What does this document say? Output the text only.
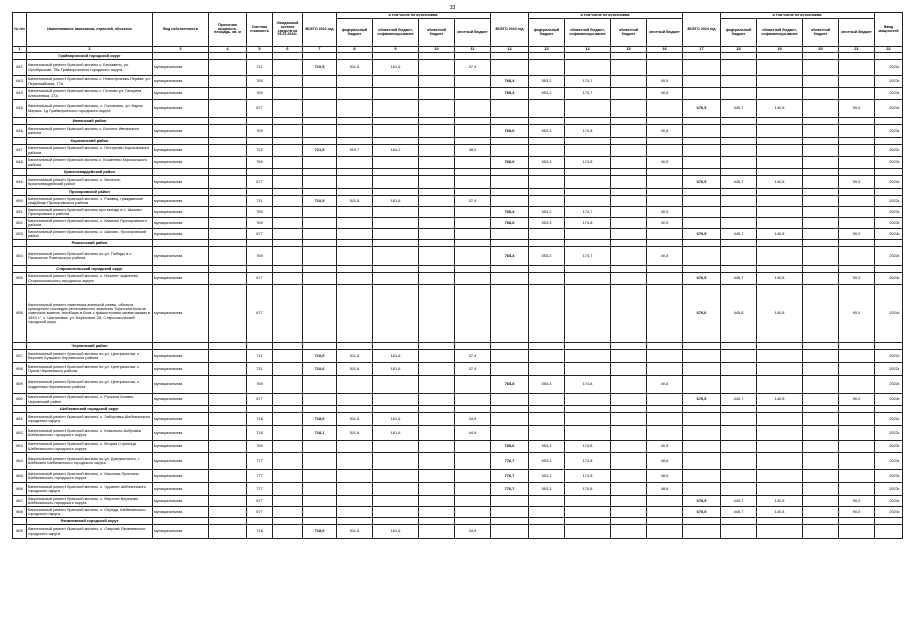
33
№ п/п	Наименование заказчиков, отраслей, объектов	Вид собственности	Проектная мощность, площадь, кв. м	Сметная стоимость	Ожидаемый остаток средств на 01.01.2022г.	ВСЕГО 2022 год	в том числе по источникам:				ВСЕГО 2023 год	в том числе по источникам:				ВСЕГО 2024 год	в том числе по источникам:				Ввод мощностей
							федеральный бюджет	областной бюджет, софинансиро-вание	областной бюджет	местный бюджет		федеральный бюджет	областной бюджет, софинансиро-вание	областной бюджет	местный бюджет		федеральный бюджет	областной бюджет, софинансиро-вание	областной бюджет	местный бюджет	
1	2	3	4	5	6	7	8	9	10	11	12	13	14	15	16	17	18	19	20	21	22
	Грайворонский городской округ																				
642	Капитальный ремонт братской могилы с. Безымено, ул. Октябрьская, 78е Грайворонского городского округа	муниципальная		711		710,5	511,5	161,6		37,4											2022г.
643	Капитальный ремонт братской могилы с. Новостроевка-Первая, ул. Первомайская, 77а	муниципальная		769							768,4	553,2	174,7		40,5						2023г.
644	Капитальный ремонт братской могилы с. Глотово ул. Гагарина Алексеевка, 27а	муниципальная		769							768,4	553,2	174,7		40,5						2023г.
645	Капитальный ремонт братской могилы, с. Головчино, ул. Карла Маркса, 1д Грайворонского городского округа	муниципальная		677												676,5	445,7	140,8		90,0	2024г.
	Ивнянский район																				
646	Капитальный ремонт братской могилы с. Богатое Ивнянского района	муниципальная		769							768,6	553,3	174,8		40,5						2023г.
	Корочанский район																				
647	Капитальный ремонт братской могилы, с. Пестуново Корочанского района	муниципальная		722		721,9	519,7	164,2		38,0											2022г.
648	Капитальный ремонт братской могилы с. Кошелево Корочанского района	муниципальная		769							768,6	553,3	174,8		40,5						2023г.
	Красногвардейский район																				
649	Капитальный ремонт братской могилы, с. Веселое, Красногвардейский район	муниципальная		677												676,5	445,7	140,8		90,0	2024г.
	Прохоровский район																				
650	Капитальный ремонт братской могилы, с. Ржавец, гражданское кладбище Прохоровского района	муниципальная		711		710,5	511,5	161,6		37,4											2022г.
651	Капитальный ремонт братской могилы при въезде в с. Шахово Прохоровского района	муниципальная		769							768,4	553,2	174,7		40,5						2023г.
652	Капитальный ремонт братской могилы, с. Казачье Прохоровского района	муниципальная		769							768,6	553,3	174,8		40,5						2023г.
653	Капитальный ремонт братской могилы, с. Шахово, Прохоровский район	муниципальная		677												676,5	445,7	140,8		90,0	2024г.
	Ровеньский район																				
654	Капитальный ремонт братской могилы по ул. Победы в с. Пасальное Ровеньского района	муниципальная		769							768,4	553,2	174,7		40,5						2023г.
	Старооскольский городской округ																				
655	Капитальный ремонт братской могилы, с. Нижнее Чуфичево, Старооскольского городского округа	муниципальная		677												676,5	445,7	140,8		90,0	2024г.
656	Капитальный ремонт памятника воинской славы, объекта культурного наследия регионального значения "Братская могила советских воинов, погибших в боях с фашистскими захватчиками в 1943 г.", с. Шаталовка, ул. Береговая, 28, Старооскольский городской округ	муниципальная		677												676,6	445,8	140,8		90,0	2024г.
	Чернянский район																				
657	Капитальный ремонт братской могилы по ул. Центральная, с. Верхнее Кузькино Чернянского района	муниципальная		711		710,6	511,6	161,6		37,4											2022г.
658	Капитальный ремонт братской могилы по ул. Центральная, с. Орлик Чернянского района	муниципальная		711		710,6	511,6	161,6		37,4											2022г.
659	Капитальный ремонт братской могилы по ул. Центральная, с. Андреевка Чернянского района	муниципальная		769							768,8	553,4	174,8		40,6						2023г.
660	Капитальный ремонт братской могилы, с. Русская Халань, Чернянский район	муниципальная		677												676,5	445,7	140,8		90,0	2024г.
	Шебекинский городской округ																				
661	Капитальный ремонт братской могилы, с. Зиборовка Шебекинского городского округа	муниципальная		718		718,0	511,5	161,6		44,9											2022г.
662	Капитальный ремонт братской могилы, с. Ковыльно-Бобровка Шебекинского городского округа	муниципальная		718		718,1	511,6	161,6		44,9											2022г.
663	Капитальный ремонт братской могилы, с. Вторая Стрелица Шебекинского городского округа	муниципальная		769							768,6	553,3	174,8		40,5						2023г.
664	Капитальный ремонт братской могилы по ул. Дзержинского, г. Шебекино Шебекинского городского округа	муниципальная		777							776,7	553,3	174,8		48,6						2023г.
665	Капитальный ремонт братской могилы, с. Маслова Пристань Шебекинского городского округа	муниципальная		777							776,7	553,3	174,8		48,6						2023г.
666	Капитальный ремонт братской могилы, с. Чураево Шебекинского городского округа	муниципальная		777							776,7	553,3	174,8		48,6						2023г.
667	Капитальный ремонт братской могилы, с. Верхнее Березово, Шебекинского городского округа	муниципальная		677												676,5	445,7	140,8		90,0	2024г.
668	Капитальный ремонт братской могилы, с. Середа, Шебекинского городского округа	муниципальная		677												676,5	445,7	140,8		90,0	2024г.
	Яковлевский городской округ																				
669	Капитальный ремонт братской могилы, с. Озерово Яковлевского городского округа	муниципальная		718		718,0	511,5	161,6		44,9											
